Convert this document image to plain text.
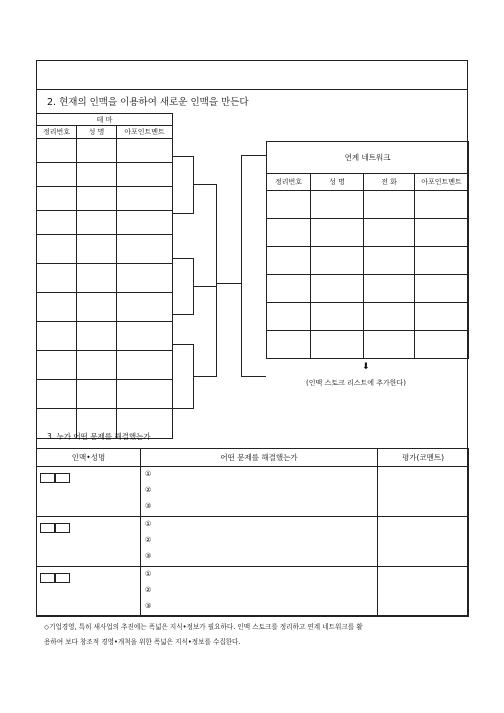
2. 현재의 인맥을 이용하여 새로운 인맥을 만든다
테 마		
정리번호	성 명	아포인트멘트

연계 네트워크			
정리번호	성 명	전 화	아포인트멘트

⬇
(인맥 스토크 리스트에 추가한다)
3. 누가 어떤 문제를 해결했는가
인맥•성명	어떤 문제를 해결했는가	평가(코멘트)

	①
②
③	

	①
②
③	

	①
②
③	

◇기업경영, 특히 새사업의 추진에는 폭넓은 지식•정보가 필요하다. 인맥 스토크를 정리하고 연계 네트워크를 활
용하여 보다 창조적 경영•개척을 위한 폭넓은 지식•정보를 수집한다.
